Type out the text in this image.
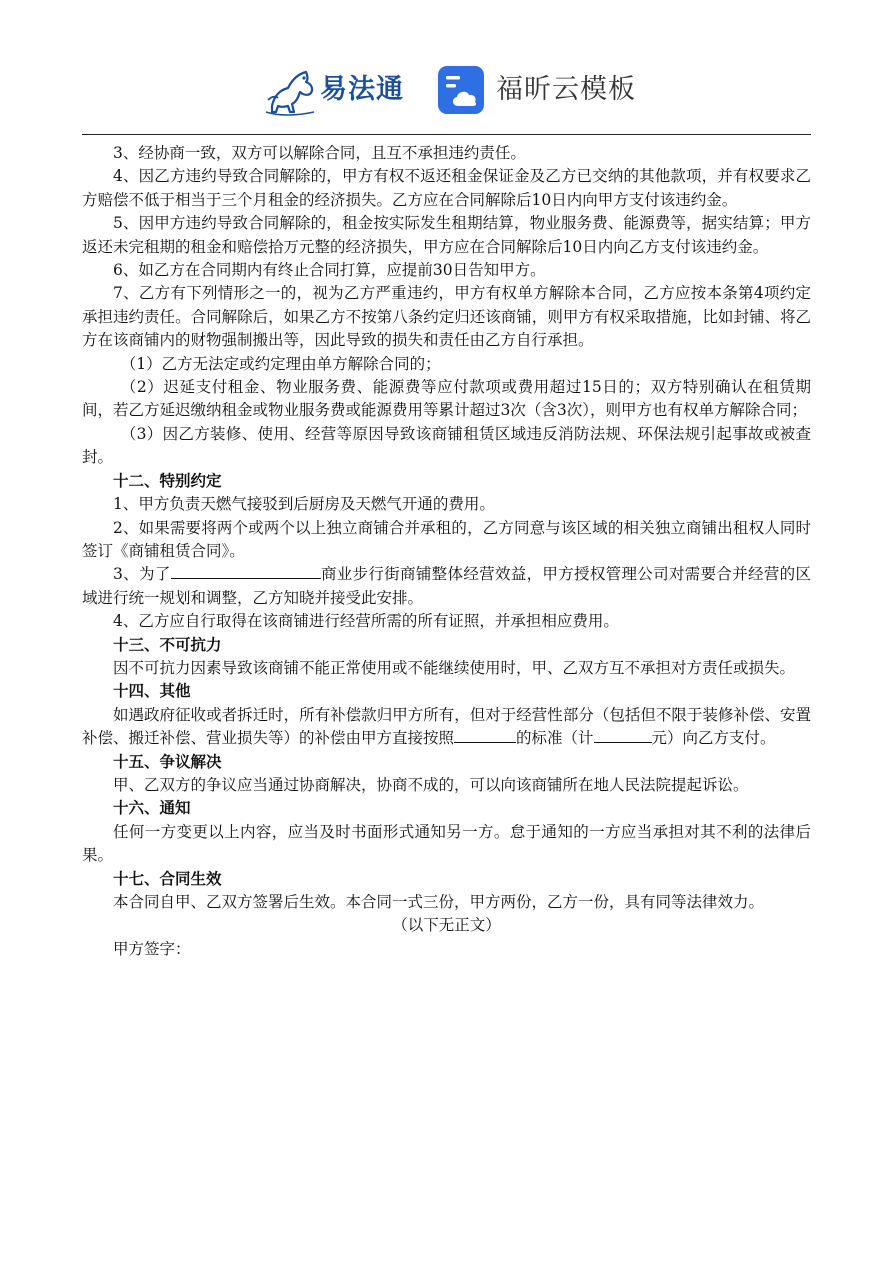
易法通	福昕云模板

3、经协商一致，双方可以解除合同，且互不承担违约责任。

4、因乙方违约导致合同解除的，甲方有权不返还租金保证金及乙方已交纳的其他款项，并有权要求乙方赔偿不低于相当于三个月租金的经济损失。乙方应在合同解除后10日内向甲方支付该违约金。

5、因甲方违约导致合同解除的，租金按实际发生租期结算，物业服务费、能源费等，据实结算；甲方返还未完租期的租金和赔偿拾万元整的经济损失，甲方应在合同解除后10日内向乙方支付该违约金。

6、如乙方在合同期内有终止合同打算，应提前30日告知甲方。

7、乙方有下列情形之一的，视为乙方严重违约，甲方有权单方解除本合同，乙方应按本条第4项约定承担违约责任。合同解除后，如果乙方不按第八条约定归还该商铺，则甲方有权采取措施，比如封铺、将乙方在该商铺内的财物强制搬出等，因此导致的损失和责任由乙方自行承担。

（1）乙方无法定或约定理由单方解除合同的；

（2）迟延支付租金、物业服务费、能源费等应付款项或费用超过15日的；双方特别确认在租赁期间，若乙方延迟缴纳租金或物业服务费或能源费用等累计超过3次（含3次），则甲方也有权单方解除合同；

（3）因乙方装修、使用、经营等原因导致该商铺租赁区域违反消防法规、环保法规引起事故或被查封。

十二、特别约定

1、甲方负责天燃气接驳到后厨房及天燃气开通的费用。

2、如果需要将两个或两个以上独立商铺合并承租的，乙方同意与该区域的相关独立商铺出租权人同时签订《商铺租赁合同》。

3、为了	商业步行街商铺整体经营效益，甲方授权管理公司对需要合并经营的区域进行统一规划和调整，乙方知晓并接受此安排。

4、乙方应自行取得在该商铺进行经营所需的所有证照，并承担相应费用。

十三、不可抗力

因不可抗力因素导致该商铺不能正常使用或不能继续使用时，甲、乙双方互不承担对方责任或损失。

十四、其他

如遇政府征收或者拆迁时，所有补偿款归甲方所有，但对于经营性部分（包括但不限于装修补偿、安置补偿、搬迁补偿、营业损失等）的补偿由甲方直接按照	的标准（计	元）向乙方支付。

十五、争议解决

甲、乙双方的争议应当通过协商解决，协商不成的，可以向该商铺所在地人民法院提起诉讼。

十六、通知

任何一方变更以上内容，应当及时书面形式通知另一方。怠于通知的一方应当承担对其不利的法律后果。

十七、合同生效

本合同自甲、乙双方签署后生效。本合同一式三份，甲方两份，乙方一份，具有同等法律效力。

（以下无正文）

甲方签字：
